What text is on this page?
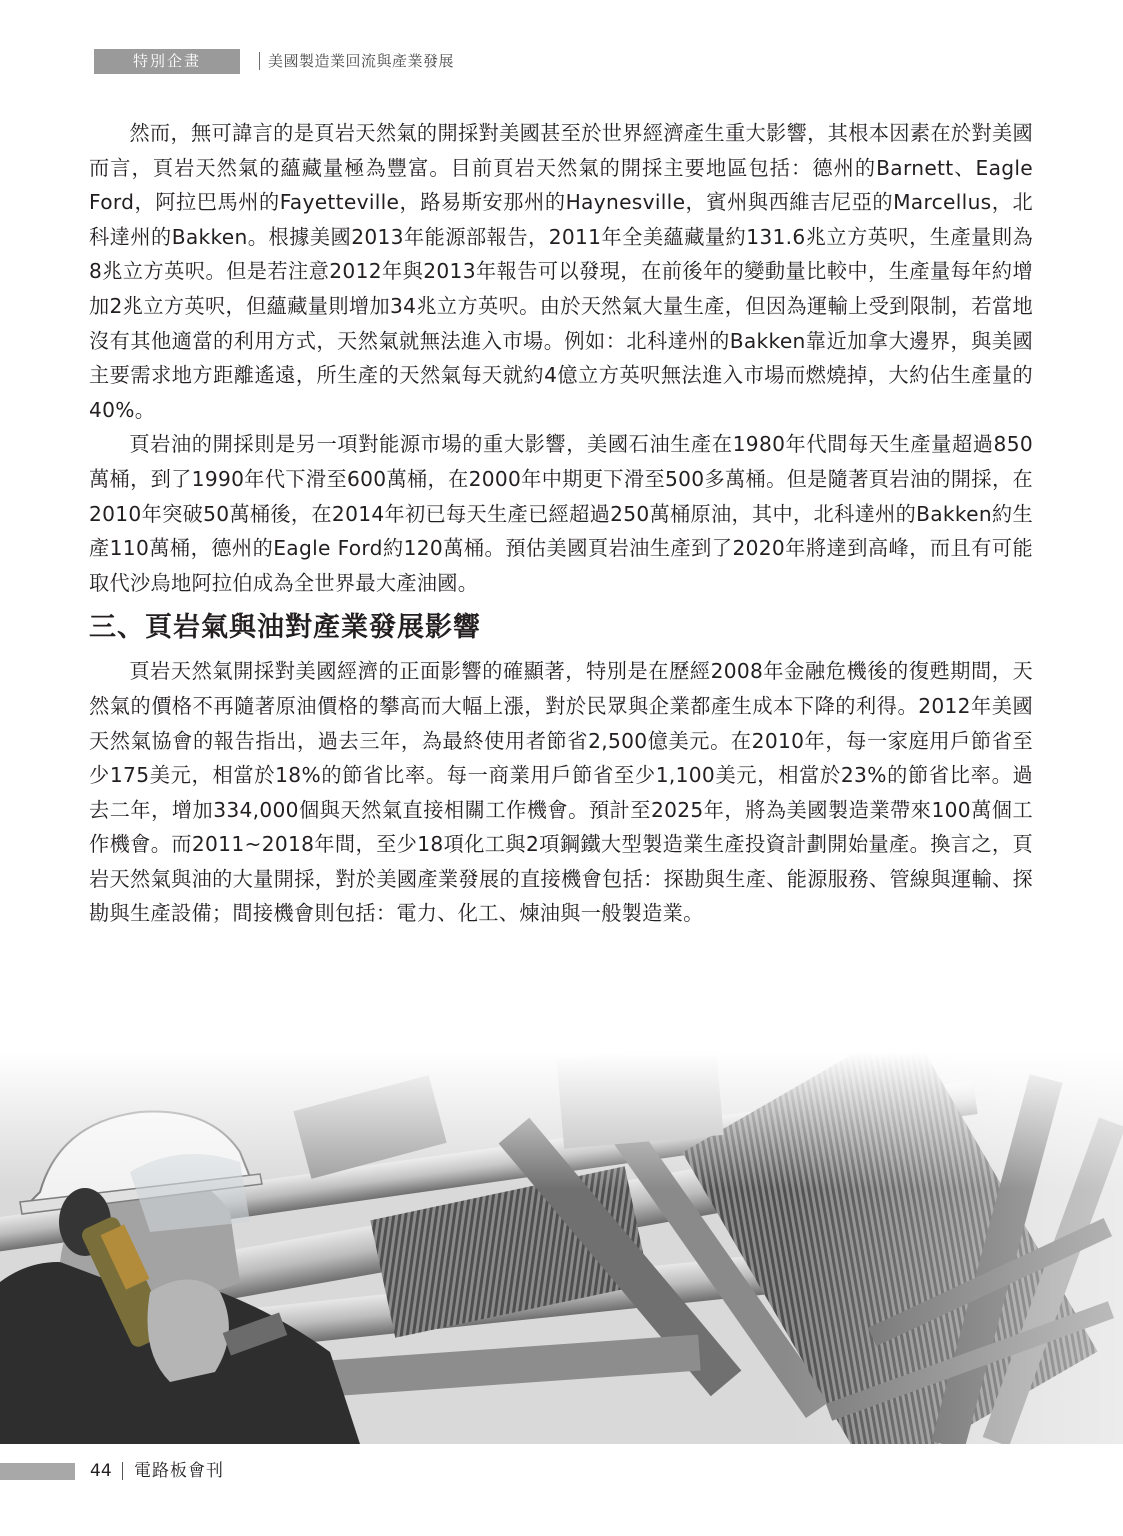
特別企畫	美國製造業回流與產業發展

然而，無可諱言的是頁岩天然氣的開採對美國甚至於世界經濟產生重大影響，其根本因素在於對美國而言，頁岩天然氣的蘊藏量極為豐富。目前頁岩天然氣的開採主要地區包括：德州的Barnett、Eagle Ford，阿拉巴馬州的Fayetteville，路易斯安那州的Haynesville，賓州與西維吉尼亞的Marcellus，北科達州的Bakken。根據美國2013年能源部報告，2011年全美蘊藏量約131.6兆立方英呎，生產量則為8兆立方英呎。但是若注意2012年與2013年報告可以發現，在前後年的變動量比較中，生產量每年約增加2兆立方英呎，但蘊藏量則增加34兆立方英呎。由於天然氣大量生產，但因為運輸上受到限制，若當地沒有其他適當的利用方式，天然氣就無法進入市場。例如：北科達州的Bakken靠近加拿大邊界，與美國主要需求地方距離遙遠，所生產的天然氣每天就約4億立方英呎無法進入市場而燃燒掉，大約佔生產量的40%。

頁岩油的開採則是另一項對能源市場的重大影響，美國石油生產在1980年代間每天生產量超過850萬桶，到了1990年代下滑至600萬桶，在2000年中期更下滑至500多萬桶。但是隨著頁岩油的開採，在2010年突破50萬桶後，在2014年初已每天生產已經超過250萬桶原油，其中，北科達州的Bakken約生產110萬桶，德州的Eagle Ford約120萬桶。預估美國頁岩油生產到了2020年將達到高峰，而且有可能取代沙烏地阿拉伯成為全世界最大產油國。

三、頁岩氣與油對產業發展影響

頁岩天然氣開採對美國經濟的正面影響的確顯著，特別是在歷經2008年金融危機後的復甦期間，天然氣的價格不再隨著原油價格的攀高而大幅上漲，對於民眾與企業都產生成本下降的利得。2012年美國天然氣協會的報告指出，過去三年，為最終使用者節省2,500億美元。在2010年，每一家庭用戶節省至少175美元，相當於18%的節省比率。每一商業用戶節省至少1,100美元，相當於23%的節省比率。過去二年，增加334,000個與天然氣直接相關工作機會。預計至2025年，將為美國製造業帶來100萬個工作機會。而2011~2018年間，至少18項化工與2項鋼鐵大型製造業生產投資計劃開始量產。換言之，頁岩天然氣與油的大量開採，對於美國產業發展的直接機會包括：探勘與生產、能源服務、管線與運輸、探勘與生產設備；間接機會則包括：電力、化工、煉油與一般製造業。

44 電路板會刊
